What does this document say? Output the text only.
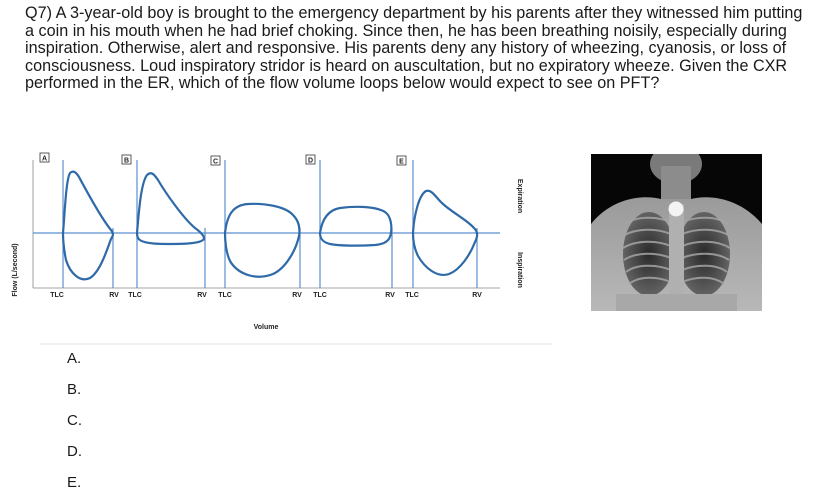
Q7) A 3-year-old boy is brought to the emergency department by his parents after they witnessed him putting a coin in his mouth when he had brief choking. Since then, he has been breathing noisily, especially during inspiration. Otherwise, alert and responsive. His parents deny any history of wheezing, cyanosis, or loss of consciousness. Loud inspiratory stridor is heard on auscultation, but no expiratory wheeze. Given the CXR performed in the ER, which of the flow volume loops below would expect to see on PFT?

Flow (L/second)
A	B	C	D	E
TLC	RV TLC	RV TLC	RV TLC	RV TLC	RV
Volume
Expiration
Inspiration
A.
B.
C.
D.
E.
